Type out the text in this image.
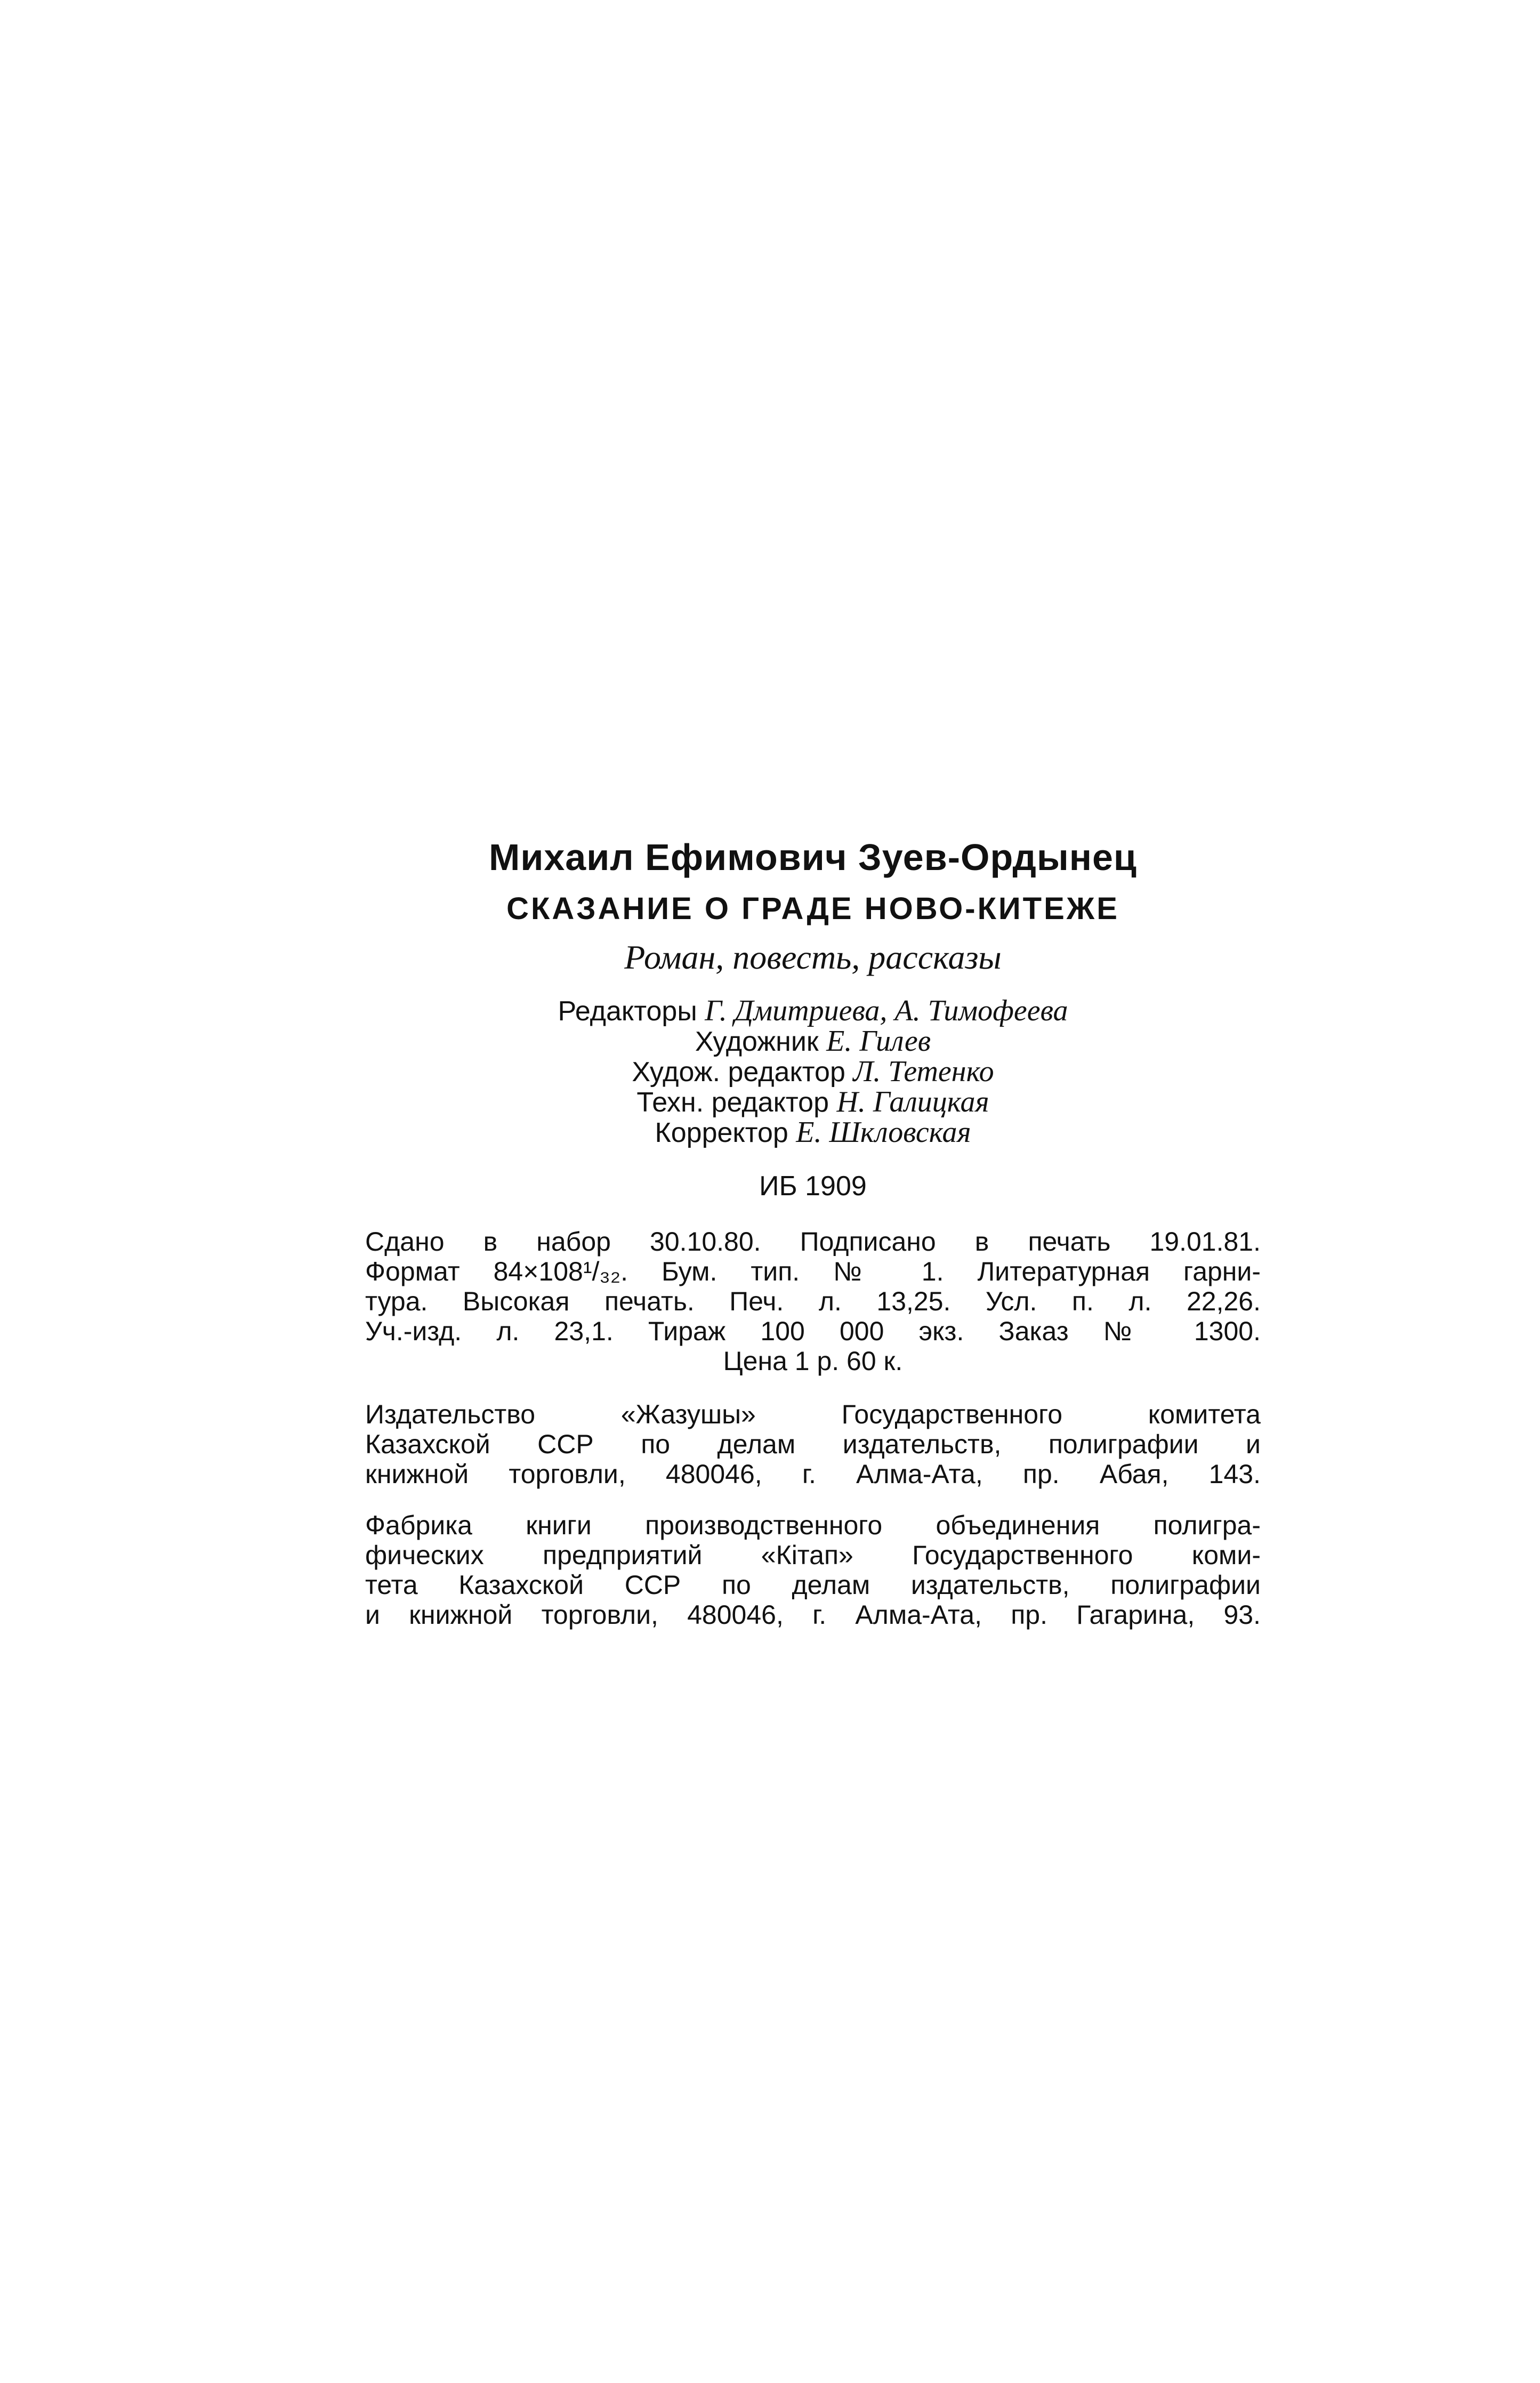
Михаил Ефимович Зуев-Ордынец

СКАЗАНИЕ О ГРАДЕ НОВО-КИТЕЖЕ

Роман, повесть, рассказы

Редакторы Г. Дмитриева, А. Тимофеева

Художник Е. Гилев

Худож. редактор Л. Тетенко

Техн. редактор Н. Галицкая

Корректор Е. Шкловская

ИБ 1909

Сдано в набор 30.10.80. Подписано в печать 19.01.81.
Формат 84×108¹/₃₂. Бум. тип. № 1. Литературная гарни-
тура. Высокая печать. Печ. л. 13,25. Усл. п. л. 22,26.
Уч.-изд. л. 23,1. Тираж 100 000 экз. Заказ № 1300.
Цена 1 р. 60 к.
Издательство «Жазушы» Государственного комитета
Казахской ССР по делам издательств, полиграфии и
книжной торговли, 480046, г. Алма-Ата, пр. Абая, 143.
Фабрика книги производственного объединения полигра-
фических предприятий «Кітап» Государственного коми-
тета Казахской ССР по делам издательств, полиграфии
и книжной торговли, 480046, г. Алма-Ата, пр. Гагарина, 93.
